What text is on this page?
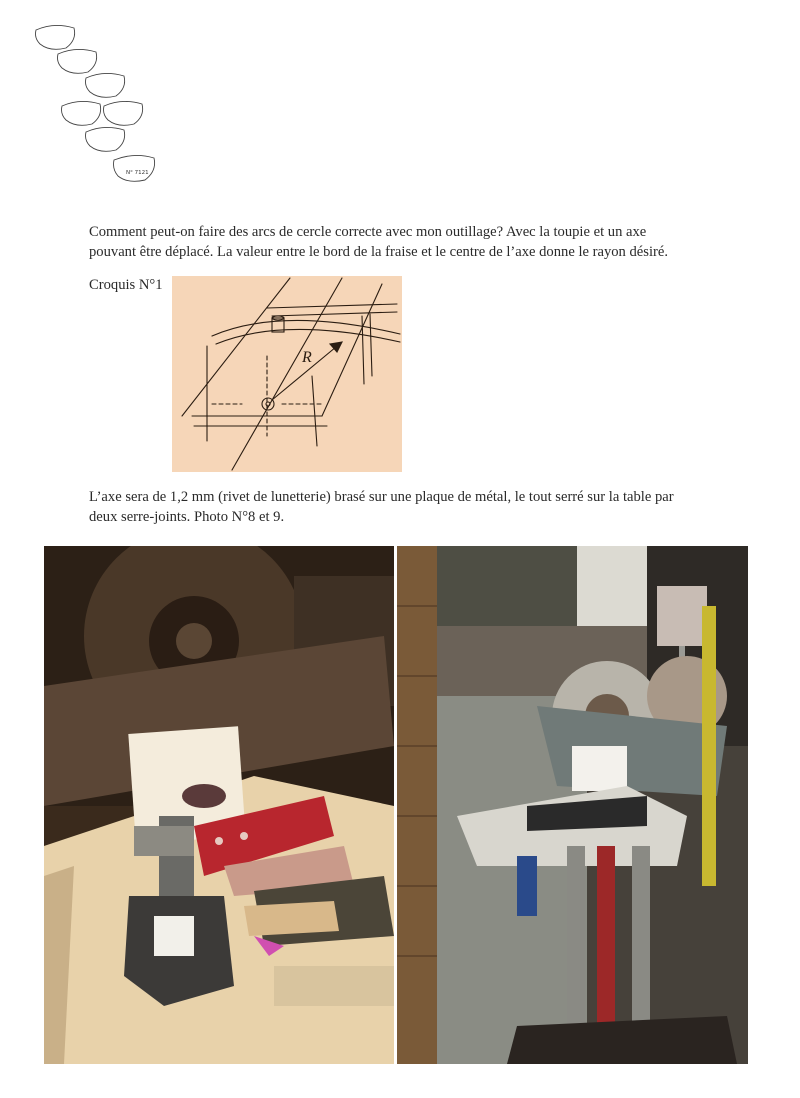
N° 7121
Comment peut-on faire des arcs de cercle correcte avec mon outillage? Avec la toupie et un axe pouvant être déplacé. La valeur entre le bord de la fraise et le centre de l’axe donne le rayon désiré.
Croquis N°1
R
L’axe sera de 1,2 mm (rivet de lunetterie) brasé sur une plaque de métal, le tout serré sur la table par deux serre-joints. Photo N°8 et 9.
